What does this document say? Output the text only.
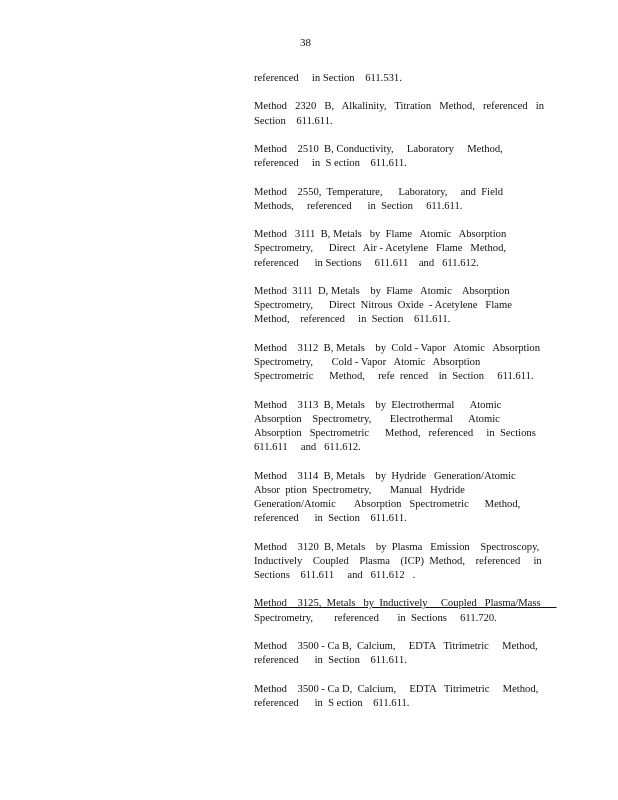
38
referenced     in Section    611.531.
Method 2320 B, Alkalinity, Titration Method, referenced in
Section    611.611.
Method    2510  B, Conductivity,     Laboratory     Method,
referenced     in  S ection    611.611.
Method    2550,  Temperature,      Laboratory,     and  Field
Methods,     referenced      in  Section     611.611.
Method   3111  B, Metals   by  Flame   Atomic   Absorption
Spectrometry,      Direct   Air - Acetylene   Flame   Method,
referenced      in Sections     611.611    and   611.612.
Method  3111  D, Metals    by  Flame   Atomic    Absorption
Spectrometry,      Direct  Nitrous  Oxide  - Acetylene   Flame
Method,    referenced     in  Section    611.611.
Method    3112  B, Metals    by  Cold - Vapor   Atomic   Absorption
Spectrometry,       Cold - Vapor   Atomic   Absorption
Spectrometric      Method,     refe  renced    in  Section     611.611.
Method    3113  B, Metals    by  Electrothermal      Atomic
Absorption    Spectrometry,       Electrothermal      Atomic
Absorption   Spectrometric      Method,   referenced     in  Sections
611.611     and   611.612.
Method    3114  B, Metals    by  Hydride   Generation/Atomic
Absor  ption  Spectrometry,       Manual   Hydride
Generation/Atomic       Absorption   Spectrometric      Method,
referenced      in  Section    611.611.
Method    3120  B, Metals    by  Plasma   Emission    Spectroscopy,
Inductively    Coupled    Plasma    (ICP)  Method,    referenced     in
Sections    611.611     and   611.612   .
Method    3125,  Metals   by  Inductively     Coupled   Plasma/Mass
Spectrometry,        referenced       in  Sections     611.720.
Method    3500 - Ca B,  Calcium,     EDTA   Titrimetric     Method,
referenced      in  Section    611.611.
Method    3500 - Ca D,  Calcium,     EDTA   Titrimetric     Method,
referenced      in  S ection    611.611.
